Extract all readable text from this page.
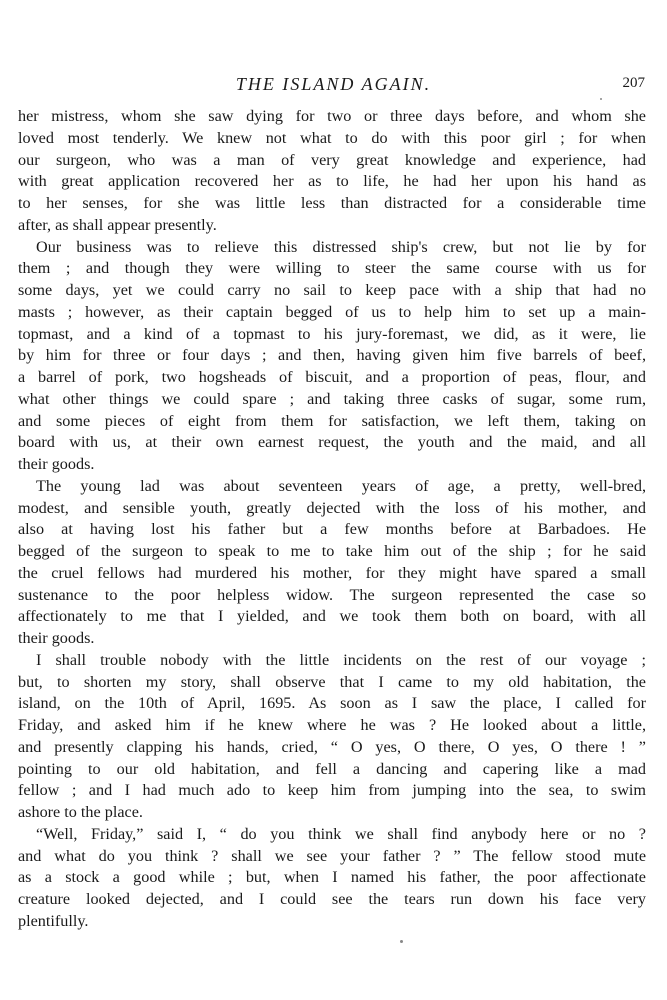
THE ISLAND AGAIN.	207
her mistress, whom she saw dying for two or three days before, and whom she
loved most tenderly. We knew not what to do with this poor girl ; for when
our surgeon, who was a man of very great knowledge and experience, had
with great application recovered her as to life, he had her upon his hand as
to her senses, for she was little less than distracted for a considerable time
after, as shall appear presently.
Our business was to relieve this distressed ship's crew, but not lie by for
them ; and though they were willing to steer the same course with us for
some days, yet we could carry no sail to keep pace with a ship that had no
masts ; however, as their captain begged of us to help him to set up a main-
topmast, and a kind of a topmast to his jury-foremast, we did, as it were, lie
by him for three or four days ; and then, having given him five barrels of beef,
a barrel of pork, two hogsheads of biscuit, and a proportion of peas, flour, and
what other things we could spare ; and taking three casks of sugar, some rum,
and some pieces of eight from them for satisfaction, we left them, taking on
board with us, at their own earnest request, the youth and the maid, and all
their goods.
The young lad was about seventeen years of age, a pretty, well-bred,
modest, and sensible youth, greatly dejected with the loss of his mother, and
also at having lost his father but a few months before at Barbadoes. He
begged of the surgeon to speak to me to take him out of the ship ; for he said
the cruel fellows had murdered his mother, for they might have spared a small
sustenance to the poor helpless widow. The surgeon represented the case so
affectionately to me that I yielded, and we took them both on board, with all
their goods.
I shall trouble nobody with the little incidents on the rest of our voyage ;
but, to shorten my story, shall observe that I came to my old habitation, the
island, on the 10th of April, 1695. As soon as I saw the place, I called for
Friday, and asked him if he knew where he was ? He looked about a little,
and presently clapping his hands, cried, “ O yes, O there, O yes, O there ! ”
pointing to our old habitation, and fell a dancing and capering like a mad
fellow ; and I had much ado to keep him from jumping into the sea, to swim
ashore to the place.
“Well, Friday,” said I, “ do you think we shall find anybody here or no ?
and what do you think ? shall we see your father ? ” The fellow stood mute
as a stock a good while ; but, when I named his father, the poor affectionate
creature looked dejected, and I could see the tears run down his face very
plentifully.
